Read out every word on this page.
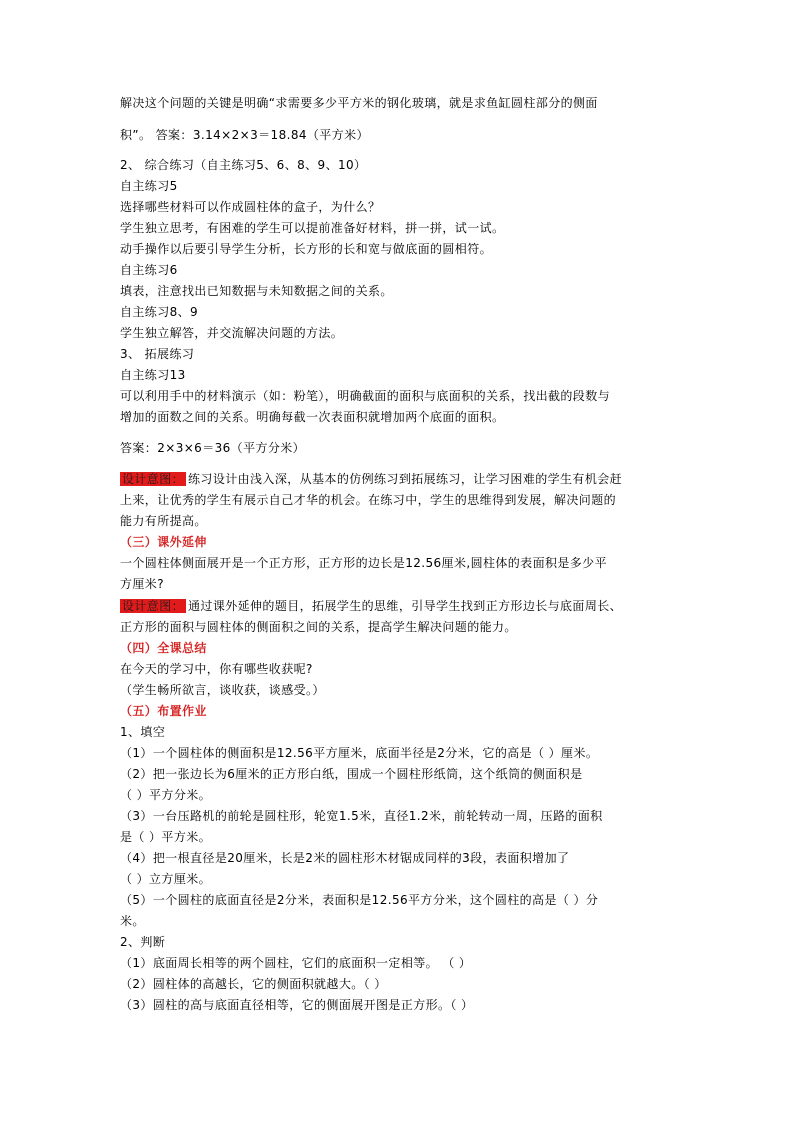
解决这个问题的关键是明确“求需要多少平方米的钢化玻璃，就是求鱼缸圆柱部分的侧面
积”。 答案：3.14×2×3＝18.84（平方米）
2、 综合练习（自主练习5、6、8、9、10）
自主练习5
选择哪些材料可以作成圆柱体的盒子，为什么？
学生独立思考，有困难的学生可以提前准备好材料，拼一拼，试一试。
动手操作以后要引导学生分析，长方形的长和宽与做底面的圆相符。
自主练习6
填表，注意找出已知数据与未知数据之间的关系。
自主练习8、9
学生独立解答，并交流解决问题的方法。
3、 拓展练习
自主练习13
可以利用手中的材料演示（如：粉笔），明确截面的面积与底面积的关系，找出截的段数与
增加的面数之间的关系。明确每截一次表面积就增加两个底面的面积。
答案：2×3×6＝36（平方分米）
设计意图： 练习设计由浅入深，从基本的仿例练习到拓展练习，让学习困难的学生有机会赶
上来，让优秀的学生有展示自己才华的机会。在练习中，学生的思维得到发展，解决问题的
能力有所提高。
（三）课外延伸
一个圆柱体侧面展开是一个正方形，正方形的边长是12.56厘米,圆柱体的表面积是多少平
方厘米?
设计意图： 通过课外延伸的题目，拓展学生的思维，引导学生找到正方形边长与底面周长、
正方形的面积与圆柱体的侧面积之间的关系，提高学生解决问题的能力。
（四）全课总结
在今天的学习中，你有哪些收获呢?
（学生畅所欲言，谈收获，谈感受。）
（五）布置作业
1、填空
（1）一个圆柱体的侧面积是12.56平方厘米，底面半径是2分米，它的高是（ ）厘米。
（2）把一张边长为6厘米的正方形白纸，围成一个圆柱形纸筒，这个纸筒的侧面积是
（ ）平方分米。
（3）一台压路机的前轮是圆柱形，轮宽1.5米，直径1.2米，前轮转动一周，压路的面积
是（ ）平方米。
（4）把一根直径是20厘米，长是2米的圆柱形木材锯成同样的3段，表面积增加了
（ ）立方厘米。
（5）一个圆柱的底面直径是2分米，表面积是12.56平方分米，这个圆柱的高是（ ）分
米。
2、判断
（1）底面周长相等的两个圆柱，它们的底面积一定相等。 （ ）
（2）圆柱体的高越长，它的侧面积就越大。（ ）
（3）圆柱的高与底面直径相等，它的侧面展开图是正方形。（ ）
